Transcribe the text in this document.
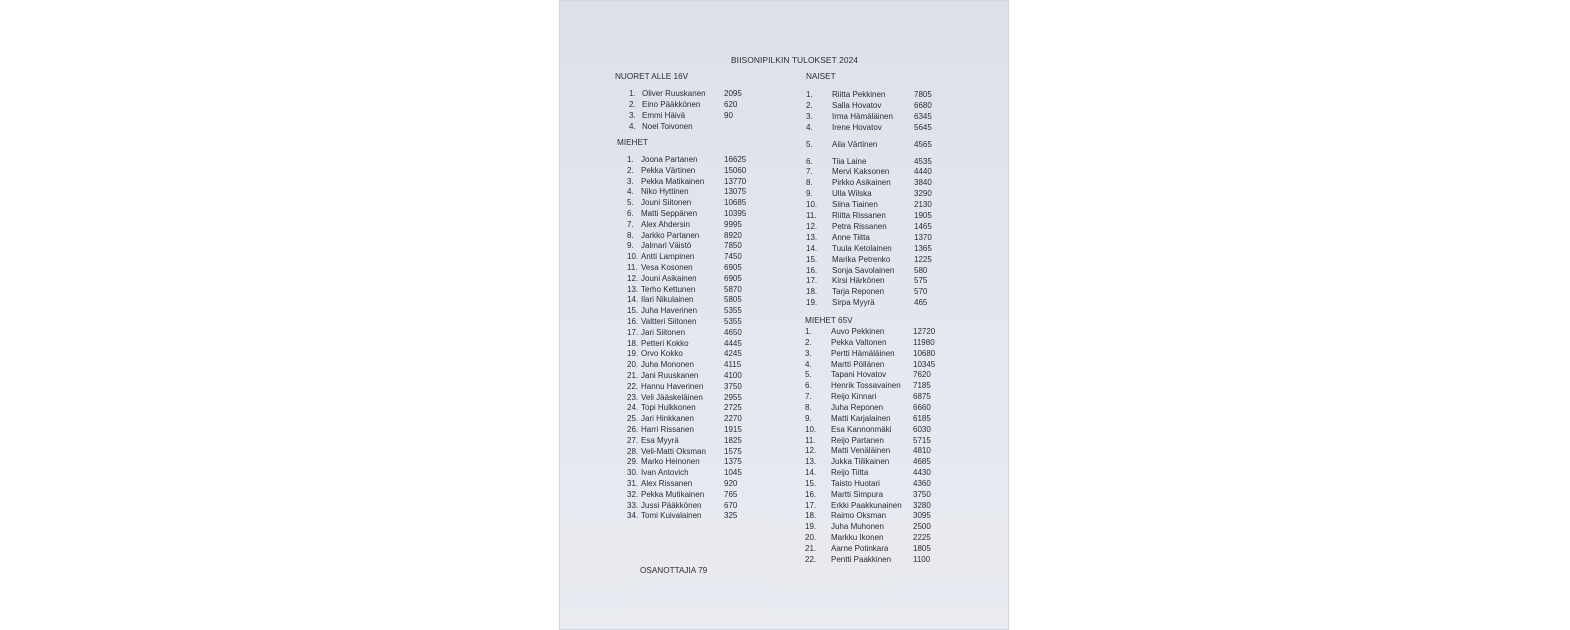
BIISONIPILKIN TULOKSET 2024
NUORET ALLE 16V
1. Oliver Ruuskanen 2095
2. Eino Pääkkönen	620
3. Emmi Häivä	90
4. Noel Toivonen
MIEHET
1. Joona Partanen	16625
2. Pekka Värtinen	15060
3. Pekka Matikainen 13770
4. Niko Hyttinen	13075
5. Jouni Siitonen	10685
6. Matti Seppänen	10395
7. Alex Ahdersin	9995
8. Jarkko Partanen	8920
9. Jalmari Väistö	7850
10. Antti Lampinen	7450
11. Vesa Kosonen	6905
12. Jouni Asikainen	6905
13. Terho Kettunen	5870
14. Ilari Nikulainen	5805
15. Juha Haverinen	5355
16. Valtteri Siitonen	5355
17. Jari Siitonen	4650
18. Petteri Kokko	4445
19. Orvo Kokko	4245
20. Juha Mononen	4115
21. Jani Ruuskanen	4100
22. Hannu Haverinen	3750
23. Veli Jääskeläinen	2955
24. Topi Hulkkonen	2725
25. Jari Hinkkanen	2270
26. Harri Rissanen	1915
27. Esa Myyrä	1825
28. Veli-Matti Oksman 1575
29. Marko Heinonen	1375
30. Ivan Antovich	1045
31. Alex Rissanen	920
32. Pekka Mutikainen 765
33. Jussi Pääkkönen	670
34. Tomi Kuivalainen	325
NAISET
1. Riitta Pekkinen	7805
2. Salla Hovatov	6680
3. Irma Hämäläinen	6345
4. Irene Hovatov	5645
5. Aila Värtinen	4565
6. Tiia Laine	4535
7. Mervi Kaksonen	4440
8. Pirkko Asikainen	3840
9. Ulla Wilska	3290
10. Siina Tiainen	2130
11. Riitta Rissanen	1905
12. Petra Rissanen	1465
13. Anne Tiitta	1370
14. Tuula Ketolainen	1365
15. Marika Petrenko	1225
16. Sonja Savolainen 580
17. Kirsi Härkönen	575
18. Tarja Reponen	570
19. Sirpa Myyrä	465
MIEHET 65V
1. Auvo Pekkinen	12720
2. Pekka Valtonen	11980
3. Pertti Hämäläinen 10680
4. Martti Pöllänen	10345
5. Tapani Hovatov	7620
6. Henrik Tossavainen 7185
7. Reijo Kinnari	6875
8. Juha Reponen	6660
9. Matti Karjalainen	6185
10. Esa Kannonmäki	6030
11. Reijo Partanen	5715
12. Matti Venäläinen	4810
13. Jukka Tiilikainen	4685
14. Reijo Tiitta	4430
15. Taisto Huotari	4360
16. Martti Simpura	3750
17. Erkki Paakkunainen 3280
18. Raimo Oksman	3095
19. Juha Muhonen	2500
20. Markku Ikonen	2225
21. Aarne Potinkara	1805
22. Pentti Paakkinen	1100
OSANOTTAJIA 79
